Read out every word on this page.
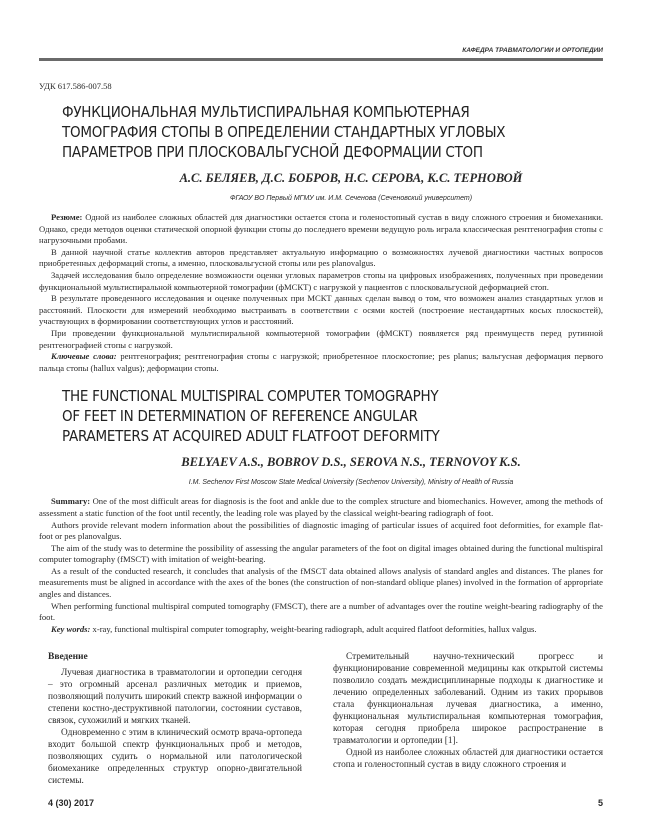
КАФЕДРА ТРАВМАТОЛОГИИ И ОРТОПЕДИИ
УДК 617.586-007.58
ФУНКЦИОНАЛЬНАЯ МУЛЬТИСПИРАЛЬНАЯ КОМПЬЮТЕРНАЯ
ТОМОГРАФИЯ СТОПЫ В ОПРЕДЕЛЕНИИ СТАНДАРТНЫХ УГЛОВЫХ
ПАРАМЕТРОВ ПРИ ПЛОСКОВАЛЬГУСНОЙ ДЕФОРМАЦИИ СТОП
А.С. БЕЛЯЕВ, Д.С. БОБРОВ, Н.С. СЕРОВА, К.С. ТЕРНОВОЙ
ФГАОУ ВО Первый МГМУ им. И.М. Сеченова (Сеченовский университет)

Резюме: Одной из наиболее сложных областей для диагностики остается стопа и голеностопный сустав в виду сложного строения и биомеханики. Однако, среди методов оценки статической опорной функции стопы до последнего времени ведущую роль играла классическая рентгенография стопы с нагрузочными пробами.

В данной научной статье коллектив авторов представляет актуальную информацию о возможностях лучевой диагностики частных вопросов приобретенных деформаций стопы, а именно, плосковальгусной стопы или pes planovalgus.

Задачей исследования было определение возможности оценки угловых параметров стопы на цифровых изображениях, полученных при проведении функциональной мультиспиральной компьютерной томографии (фМСКТ) с нагрузкой у пациентов с плосковальгусной деформацией стоп.

В результате проведенного исследования и оценке полученных при МСКТ данных сделан вывод о том, что возможен анализ стандартных углов и расстояний. Плоскости для измерений необходимо выстраивать в соответствии с осями костей (построение нестандартных косых плоскостей), участвующих в формировании соответствующих углов и расстояний.

При проведении функциональной мультиспиральной компьютерной томографии (фМСКТ) появляется ряд преимуществ перед рутинной рентгенографией стопы с нагрузкой.

Ключевые слова: рентгенография; рентгенография стопы с нагрузкой; приобретенное плоскостопие; pes planus; вальгусная деформация первого пальца стопы (hallux valgus); деформации стопы.

THE FUNCTIONAL MULTISPIRAL COMPUTER TOMOGRAPHY
OF FEET IN DETERMINATION OF REFERENCE ANGULAR
PARAMETERS AT ACQUIRED ADULT FLATFOOT DEFORMITY
BELYAEV A.S., BOBROV D.S., SEROVA N.S., TERNOVOY K.S.
I.M. Sechenov First Moscow State Medical University (Sechenov University), Ministry of Health of Russia

Summary: One of the most difficult areas for diagnosis is the foot and ankle due to the complex structure and biomechanics. However, among the methods of assessment a static function of the foot until recently, the leading role was played by the classical weight-bearing radiograph of foot.

Authors provide relevant modern information about the possibilities of diagnostic imaging of particular issues of acquired foot deformities, for example flat-foot or pes planovalgus.

The aim of the study was to determine the possibility of assessing the angular parameters of the foot on digital images obtained during the functional multispiral computer tomography (fMSCT) with imitation of weight-bearing.

As a result of the conducted research, it concludes that analysis of the fMSCT data obtained allows analysis of standard angles and distances. The planes for measurements must be aligned in accordance with the axes of the bones (the construction of non-standard oblique planes) involved in the formation of appropriate angles and distances.

When performing functional multispiral computed tomography (FMSCT), there are a number of advantages over the routine weight-bearing radiography of the foot.

Key words: x-ray, functional multispiral computer tomography, weight-bearing radiograph, adult acquired flatfoot deformities, hallux valgus.

Введение

Лучевая диагностика в травматологии и ортопедии сегодня – это огромный арсенал различных методик и приемов, позволяющий получить широкий спектр важной информации о степени костно-деструктивной патологии, состоянии суставов, связок, сухожилий и мягких тканей.

Одновременно с этим в клинический осмотр врача-ортопеда входит большой спектр функциональных проб и методов, позволяющих судить о нормальной или патологической биомеханике определенных структур опорно-двигательной системы.

Стремительный научно-технический прогресс и функционирование современной медицины как открытой системы позволило создать междисциплинарные подходы к диагностике и лечению определенных заболеваний. Одним из таких прорывов стала функциональная лучевая диагностика, а именно, функциональная мультиспиральная компьютерная томография, которая сегодня приобрела широкое распространение в травматологии и ортопедии [1].

Одной из наиболее сложных областей для диагностики остается стопа и голеностопный сустав в виду сложного строения и

4 (30) 2017	5
